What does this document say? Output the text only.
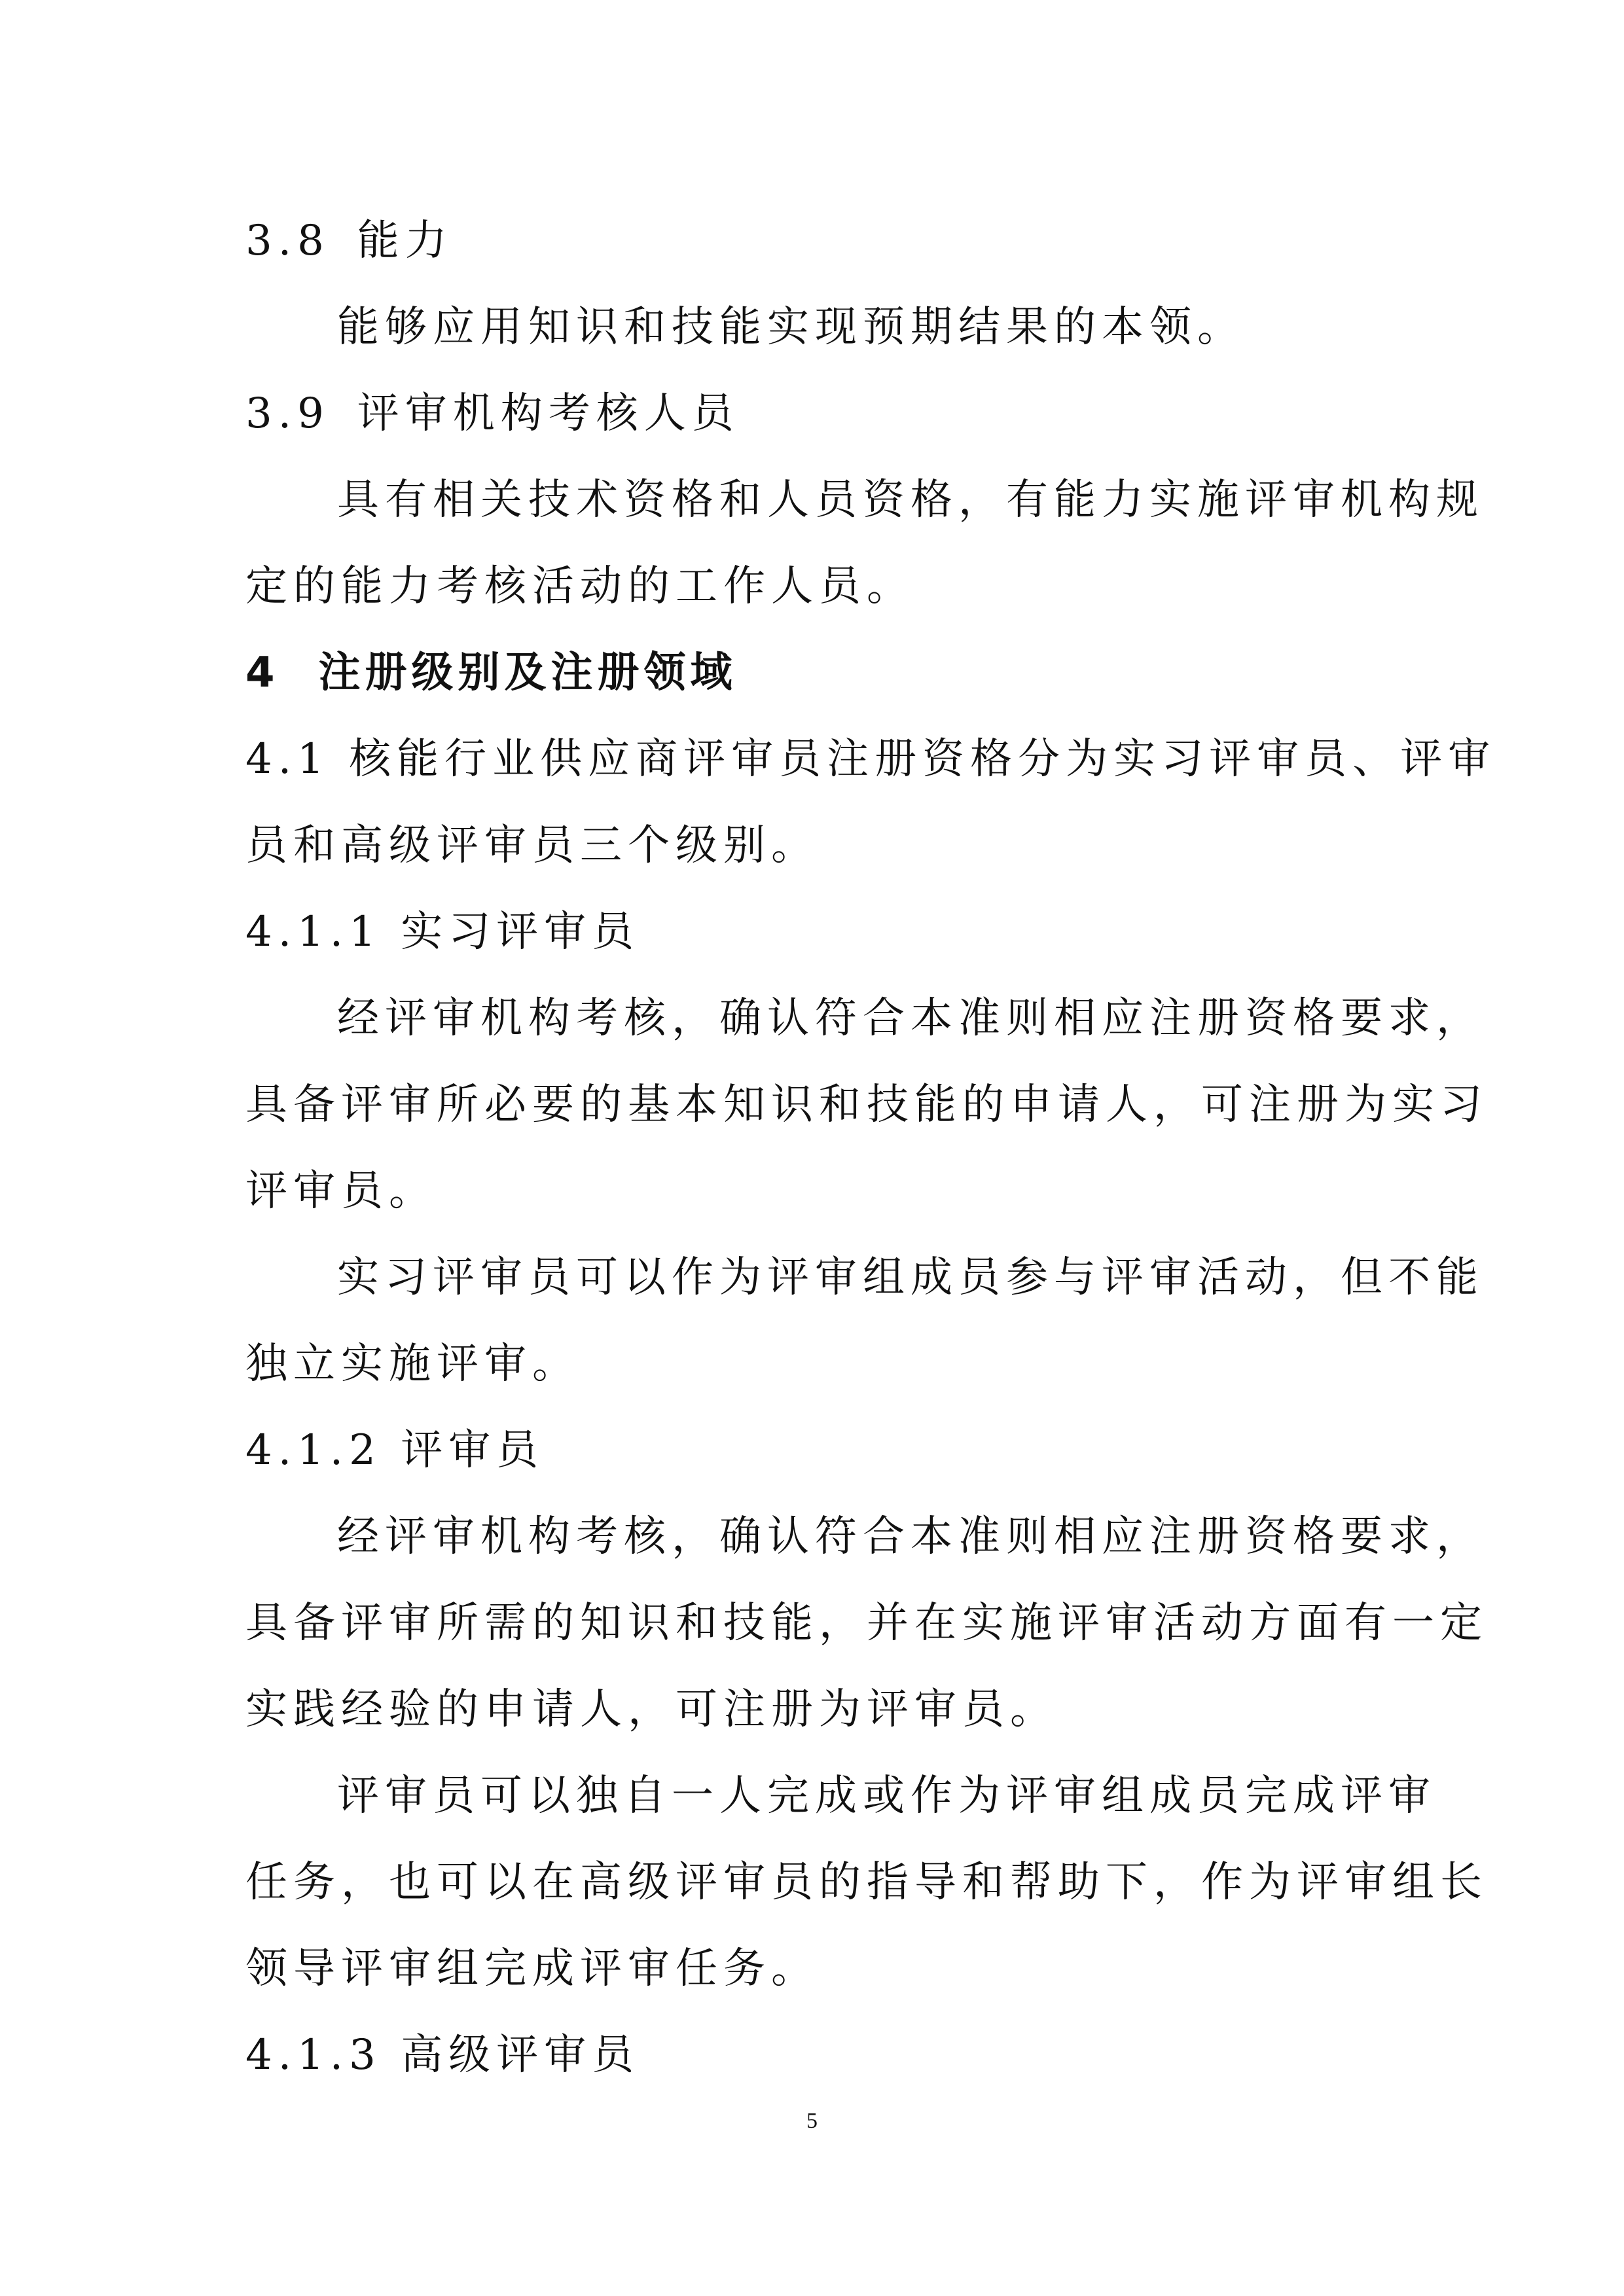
3.8 能力
能够应用知识和技能实现预期结果的本领。
3.9 评审机构考核人员
具有相关技术资格和人员资格，有能力实施评审机构规
定的能力考核活动的工作人员。
4 注册级别及注册领域
4.1 核能行业供应商评审员注册资格分为实习评审员、评审
员和高级评审员三个级别。
4.1.1 实习评审员
经评审机构考核，确认符合本准则相应注册资格要求，
具备评审所必要的基本知识和技能的申请人，可注册为实习
评审员。
实习评审员可以作为评审组成员参与评审活动，但不能
独立实施评审。
4.1.2 评审员
经评审机构考核，确认符合本准则相应注册资格要求，
具备评审所需的知识和技能，并在实施评审活动方面有一定
实践经验的申请人，可注册为评审员。
评审员可以独自一人完成或作为评审组成员完成评审
任务，也可以在高级评审员的指导和帮助下，作为评审组长
领导评审组完成评审任务。
4.1.3 高级评审员
5
